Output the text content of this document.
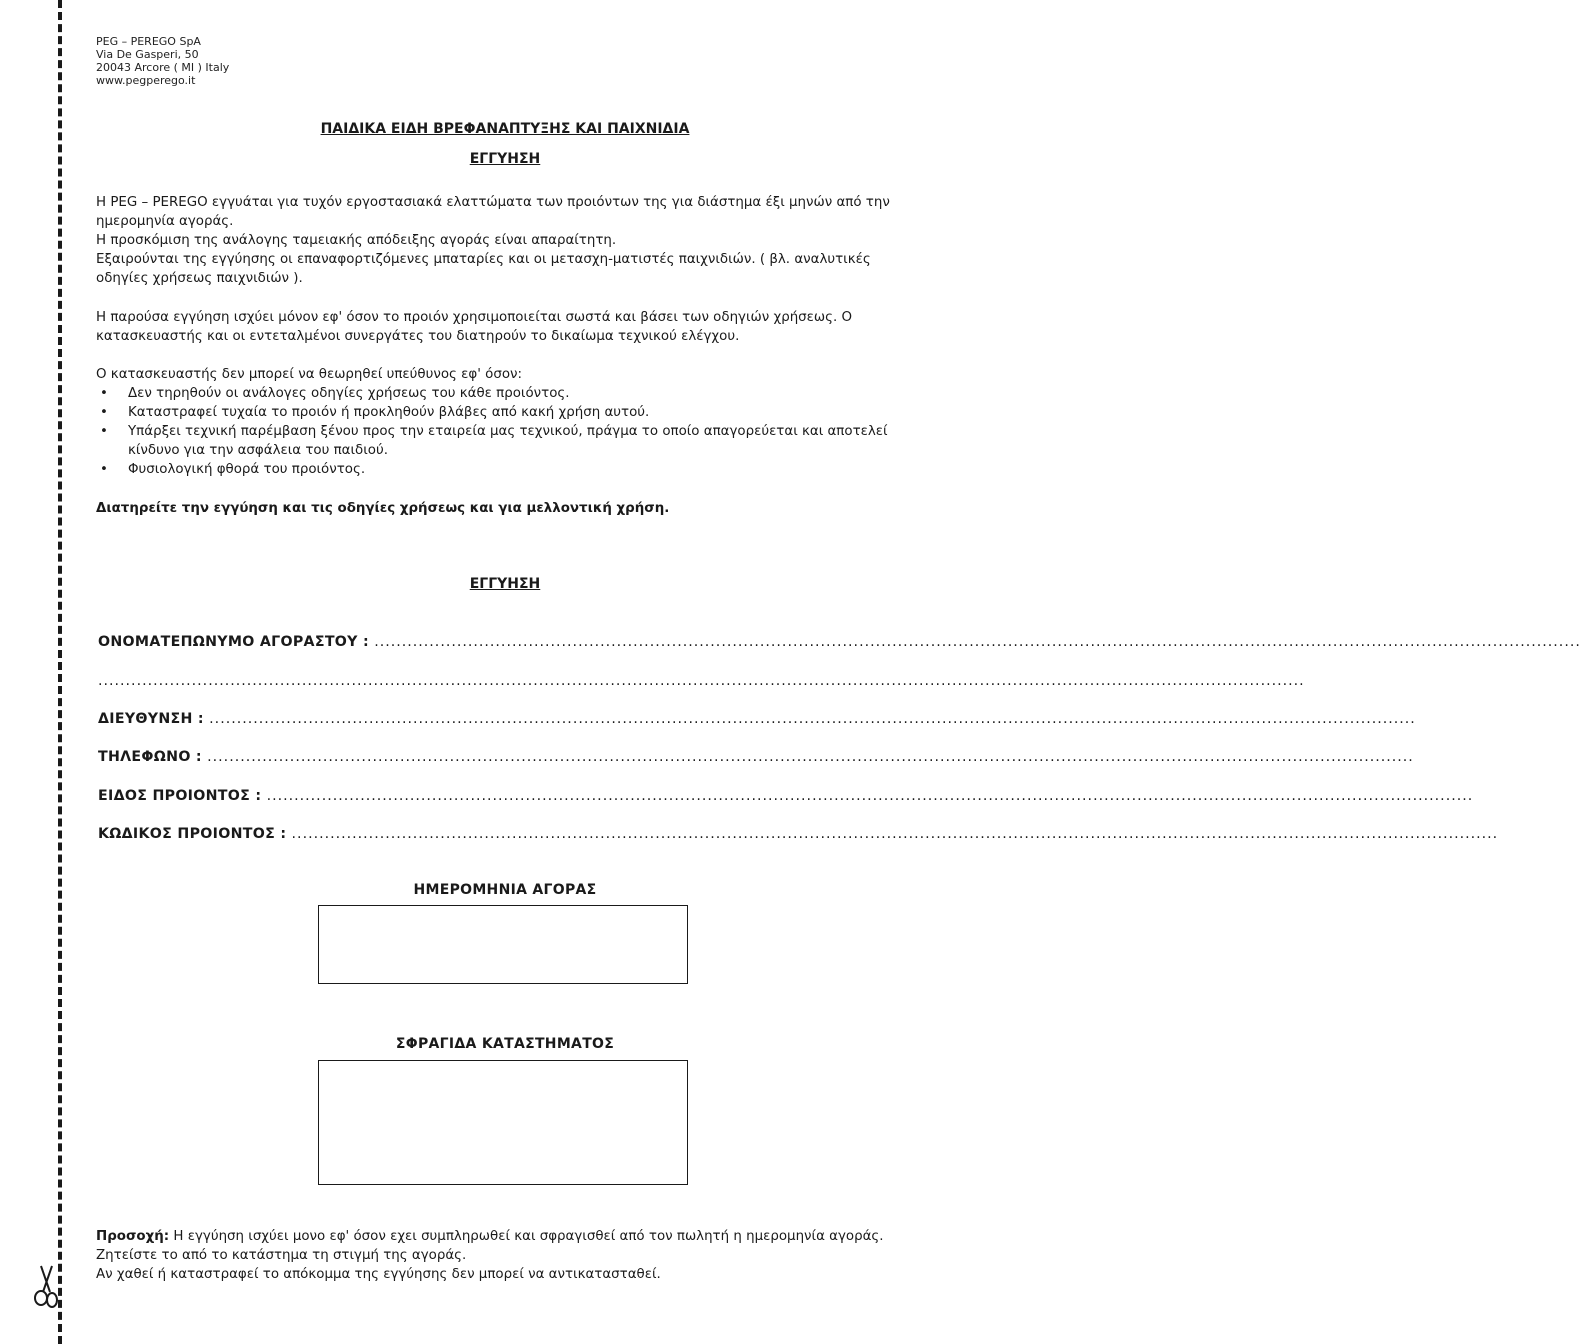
PEG – PEREGO SpA
Via De Gasperi, 50
20043 Arcore ( MI ) Italy
www.pegperego.it
ΠΑΙΔΙΚΑ ΕΙΔΗ ΒΡΕΦΑΝΑΠΤΥΞΗΣ ΚΑΙ ΠΑΙΧΝΙΔΙΑ
ΕΓΓΥΗΣΗ

Η PEG – PEREGO εγγυάται για τυχόν εργοστασιακά ελαττώματα των προιόντων της για διάστημα έξι μηνών από την ημερομηνία αγοράς.

Η προσκόμιση της ανάλογης ταμειακής απόδειξης αγοράς είναι απαραίτητη.

Εξαιρούνται της εγγύησης οι επαναφορτιζόμενες μπαταρίες και οι μετασχη-ματιστές παιχνιδιών. ( βλ. αναλυτικές οδηγίες χρήσεως παιχνιδιών ).

Η παρούσα εγγύηση ισχύει μόνον εφ' όσον το προιόν χρησιμοποιείται σωστά και βάσει των οδηγιών χρήσεως. Ο κατασκευαστής και οι εντεταλμένοι συνεργάτες του διατηρούν το δικαίωμα τεχνικού ελέγχου.

Ο κατασκευαστής δεν μπορεί να θεωρηθεί υπεύθυνος εφ' όσον:

• Δεν τηρηθούν οι ανάλογες οδηγίες χρήσεως του κάθε προιόντος.
• Καταστραφεί τυχαία το προιόν ή προκληθούν βλάβες από κακή χρήση αυτού.
• Υπάρξει τεχνική παρέμβαση ξένου προς την εταιρεία μας τεχνικού, πράγμα το οποίο απαγορεύεται και αποτελεί κίνδυνο για την ασφάλεια του παιδιού.
• Φυσιολογική φθορά του προιόντος.
Διατηρείτε την εγγύηση και τις οδηγίες χρήσεως και για μελλοντική χρήση.
ΕΓΓΥΗΣΗ
ΟΝΟΜΑΤΕΠΩΝΥΜΟ ΑΓΟΡΑΣΤΟΥ : ...........................................................................................................................................................................................................................
...........................................................................................................................................................................................................................
ΔΙΕΥΘΥΝΣΗ : ...........................................................................................................................................................................................................................
ΤΗΛΕΦΩΝΟ : ...........................................................................................................................................................................................................................
ΕΙΔΟΣ ΠΡΟΙΟΝΤΟΣ : ...........................................................................................................................................................................................................................
ΚΩΔΙΚΟΣ ΠΡΟΙΟΝΤΟΣ : ...........................................................................................................................................................................................................................
ΗΜΕΡΟΜΗΝΙΑ ΑΓΟΡΑΣ
ΣΦΡΑΓΙΔΑ ΚΑΤΑΣΤΗΜΑΤΟΣ

Προσοχή: Η εγγύηση ισχύει μονο εφ' όσον εχει συμπληρωθεί και σφραγισθεί από τον πωλητή η ημερομηνία αγοράς.

Ζητείστε το από το κατάστημα τη στιγμή της αγοράς.

Αν χαθεί ή καταστραφεί το απόκομμα της εγγύησης δεν μπορεί να αντικατασταθεί.
